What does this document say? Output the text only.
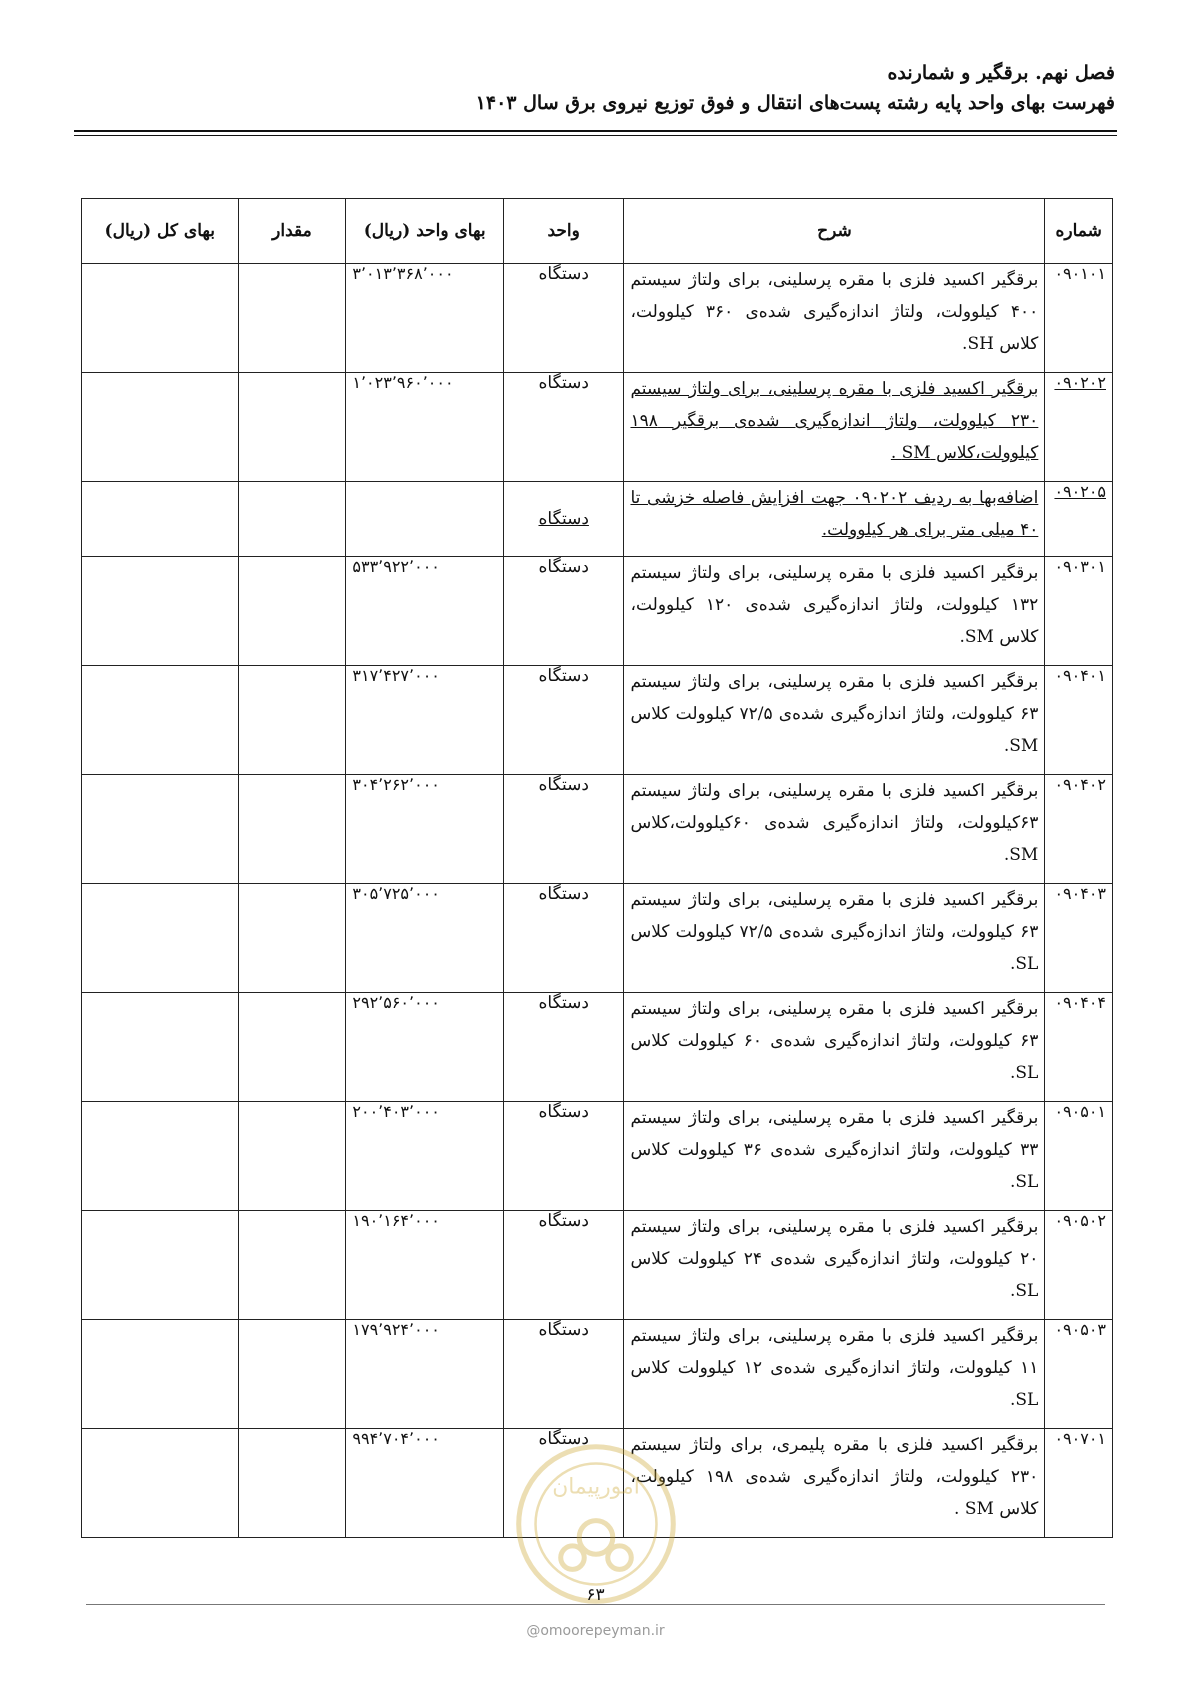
فصل نهم. برقگیر و شمارنده
فهرست بهای واحد پایه رشته پست‌های انتقال و فوق توزیع نیروی برق سال ۱۴۰۳
شماره	شرح	واحد	بهای واحد (ریال)	مقدار	بهای کل (ریال)
۰۹۰۱۰۱	برقگیر اکسید فلزی با مقره پرسلینی، برای ولتاژ سیستم ۴۰۰ کیلوولت، ولتاژ اندازه‌گیری شده‌ی ۳۶۰ کیلوولت، کلاس SH.	دستگاه	۳٬۰۱۳٬۳۶۸٬۰۰۰		
۰۹۰۲۰۲	برقگیر اکسید فلزی با مقره پرسلینی، برای ولتاژ سیستم ۲۳۰ کیلوولت، ولتاژ اندازه‌گیری شده‌ی برقگیر ۱۹۸ کیلوولت،کلاس SM .	دستگاه	۱٬۰۲۳٬۹۶۰٬۰۰۰		
۰۹۰۲۰۵	اضافه‌بها به ردیف ۰۹۰۲۰۲ جهت افزایش فاصله خزشی تا ۴۰ میلی متر برای هر کیلوولت.	دستگاه			
۰۹۰۳۰۱	برقگیر اکسید فلزی با مقره پرسلینی، برای ولتاژ سیستم ۱۳۲ کیلوولت، ولتاژ اندازه‌گیری شده‌ی ۱۲۰ کیلوولت، کلاس SM.	دستگاه	۵۳۳٬۹۲۲٬۰۰۰		
۰۹۰۴۰۱	برقگیر اکسید فلزی با مقره پرسلینی، برای ولتاژ سیستم ۶۳ کیلوولت، ولتاژ اندازه‌گیری شده‌ی ۷۲/۵ کیلوولت کلاس SM.	دستگاه	۳۱۷٬۴۲۷٬۰۰۰		
۰۹۰۴۰۲	برقگیر اکسید فلزی با مقره پرسلینی، برای ولتاژ سیستم ۶۳کیلوولت، ولتاژ اندازه‌گیری شده‌ی ۶۰کیلوولت،کلاس SM.	دستگاه	۳۰۴٬۲۶۲٬۰۰۰		
۰۹۰۴۰۳	برقگیر اکسید فلزی با مقره پرسلینی، برای ولتاژ سیستم ۶۳ کیلوولت، ولتاژ اندازه‌گیری شده‌ی ۷۲/۵ کیلوولت کلاس SL.	دستگاه	۳۰۵٬۷۲۵٬۰۰۰		
۰۹۰۴۰۴	برقگیر اکسید فلزی با مقره پرسلینی، برای ولتاژ سیستم ۶۳ کیلوولت، ولتاژ اندازه‌گیری شده‌ی ۶۰ کیلوولت کلاس SL.	دستگاه	۲۹۲٬۵۶۰٬۰۰۰		
۰۹۰۵۰۱	برقگیر اکسید فلزی با مقره پرسلینی، برای ولتاژ سیستم ۳۳ کیلوولت، ولتاژ اندازه‌گیری شده‌ی ۳۶ کیلوولت کلاس SL.	دستگاه	۲۰۰٬۴۰۳٬۰۰۰		
۰۹۰۵۰۲	برقگیر اکسید فلزی با مقره پرسلینی، برای ولتاژ سیستم ۲۰ کیلوولت، ولتاژ اندازه‌گیری شده‌ی ۲۴ کیلوولت کلاس SL.	دستگاه	۱۹۰٬۱۶۴٬۰۰۰		
۰۹۰۵۰۳	برقگیر اکسید فلزی با مقره پرسلینی، برای ولتاژ سیستم ۱۱ کیلوولت، ولتاژ اندازه‌گیری شده‌ی ۱۲ کیلوولت کلاس SL.	دستگاه	۱۷۹٬۹۲۴٬۰۰۰		
۰۹۰۷۰۱	برقگیر اکسید فلزی با مقره پلیمری، برای ولتاژ سیستم ۲۳۰ کیلوولت، ولتاژ اندازه‌گیری شده‌ی ۱۹۸ کیلوولت، کلاس SM .	دستگاه	۹۹۴٬۷۰۴٬۰۰۰		
امورپیمان
۶۳
@omoorepeyman.ir
